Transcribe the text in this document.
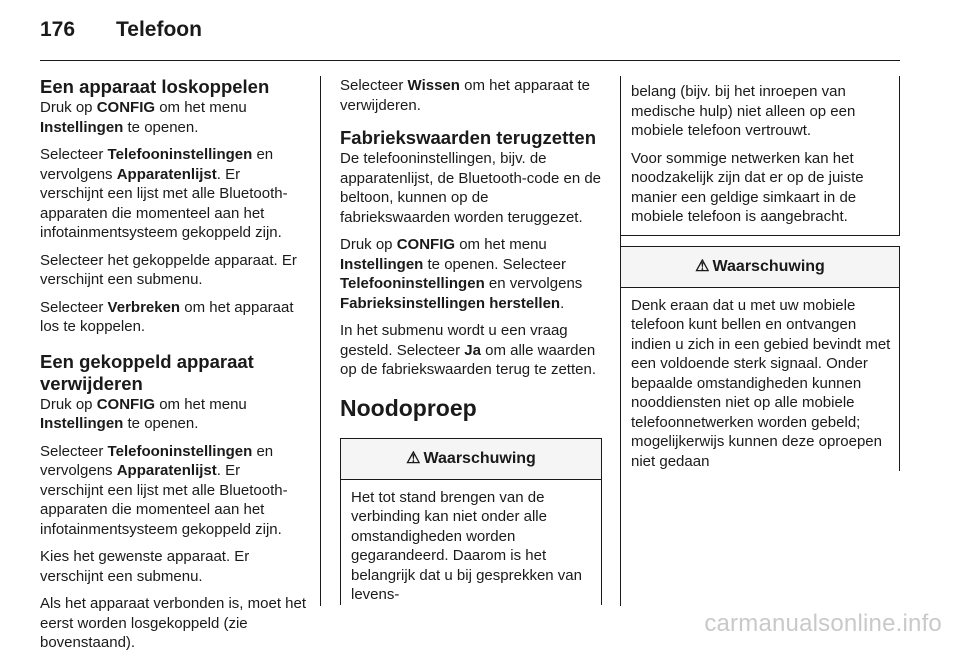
176	Telefoon
Een apparaat loskoppelen

Druk op CONFIG om het menu Instellingen te openen.

Selecteer Telefooninstellingen en vervolgens Apparatenlijst. Er verschijnt een lijst met alle Bluetooth-apparaten die momenteel aan het infotainmentsysteem gekoppeld zijn.

Selecteer het gekoppelde apparaat. Er verschijnt een submenu.

Selecteer Verbreken om het apparaat los te koppelen.

Een gekoppeld apparaat verwijderen

Druk op CONFIG om het menu Instellingen te openen.

Selecteer Telefooninstellingen en vervolgens Apparatenlijst. Er verschijnt een lijst met alle Bluetooth-apparaten die momenteel aan het infotainmentsysteem gekoppeld zijn.

Kies het gewenste apparaat. Er verschijnt een submenu.

Als het apparaat verbonden is, moet het eerst worden losgekoppeld (zie bovenstaand).

Selecteer Wissen om het apparaat te verwijderen.

Fabriekswaarden terugzetten

De telefooninstellingen, bijv. de apparatenlijst, de Bluetooth-code en de beltoon, kunnen op de fabriekswaarden worden teruggezet.

Druk op CONFIG om het menu Instellingen te openen. Selecteer Telefooninstellingen en vervolgens Fabrieksinstellingen herstellen.

In het submenu wordt u een vraag gesteld. Selecteer Ja om alle waarden op de fabriekswaarden terug te zetten.

Noodoproep
⚠ Waarschuwing
Het tot stand brengen van de verbinding kan niet onder alle omstandigheden worden gegarandeerd. Daarom is het belangrijk dat u bij gesprekken van levens-

belang (bijv. bij het inroepen van medische hulp) niet alleen op een mobiele telefoon vertrouwt.

Voor sommige netwerken kan het noodzakelijk zijn dat er op de juiste manier een geldige simkaart in de mobiele telefoon is aangebracht.

⚠ Waarschuwing
Denk eraan dat u met uw mobiele telefoon kunt bellen en ontvangen indien u zich in een gebied bevindt met een voldoende sterk signaal. Onder bepaalde omstandigheden kunnen nooddiensten niet op alle mobiele telefoonnetwerken worden gebeld; mogelijkerwijs kunnen deze oproepen niet gedaan
carmanualsonline.info
